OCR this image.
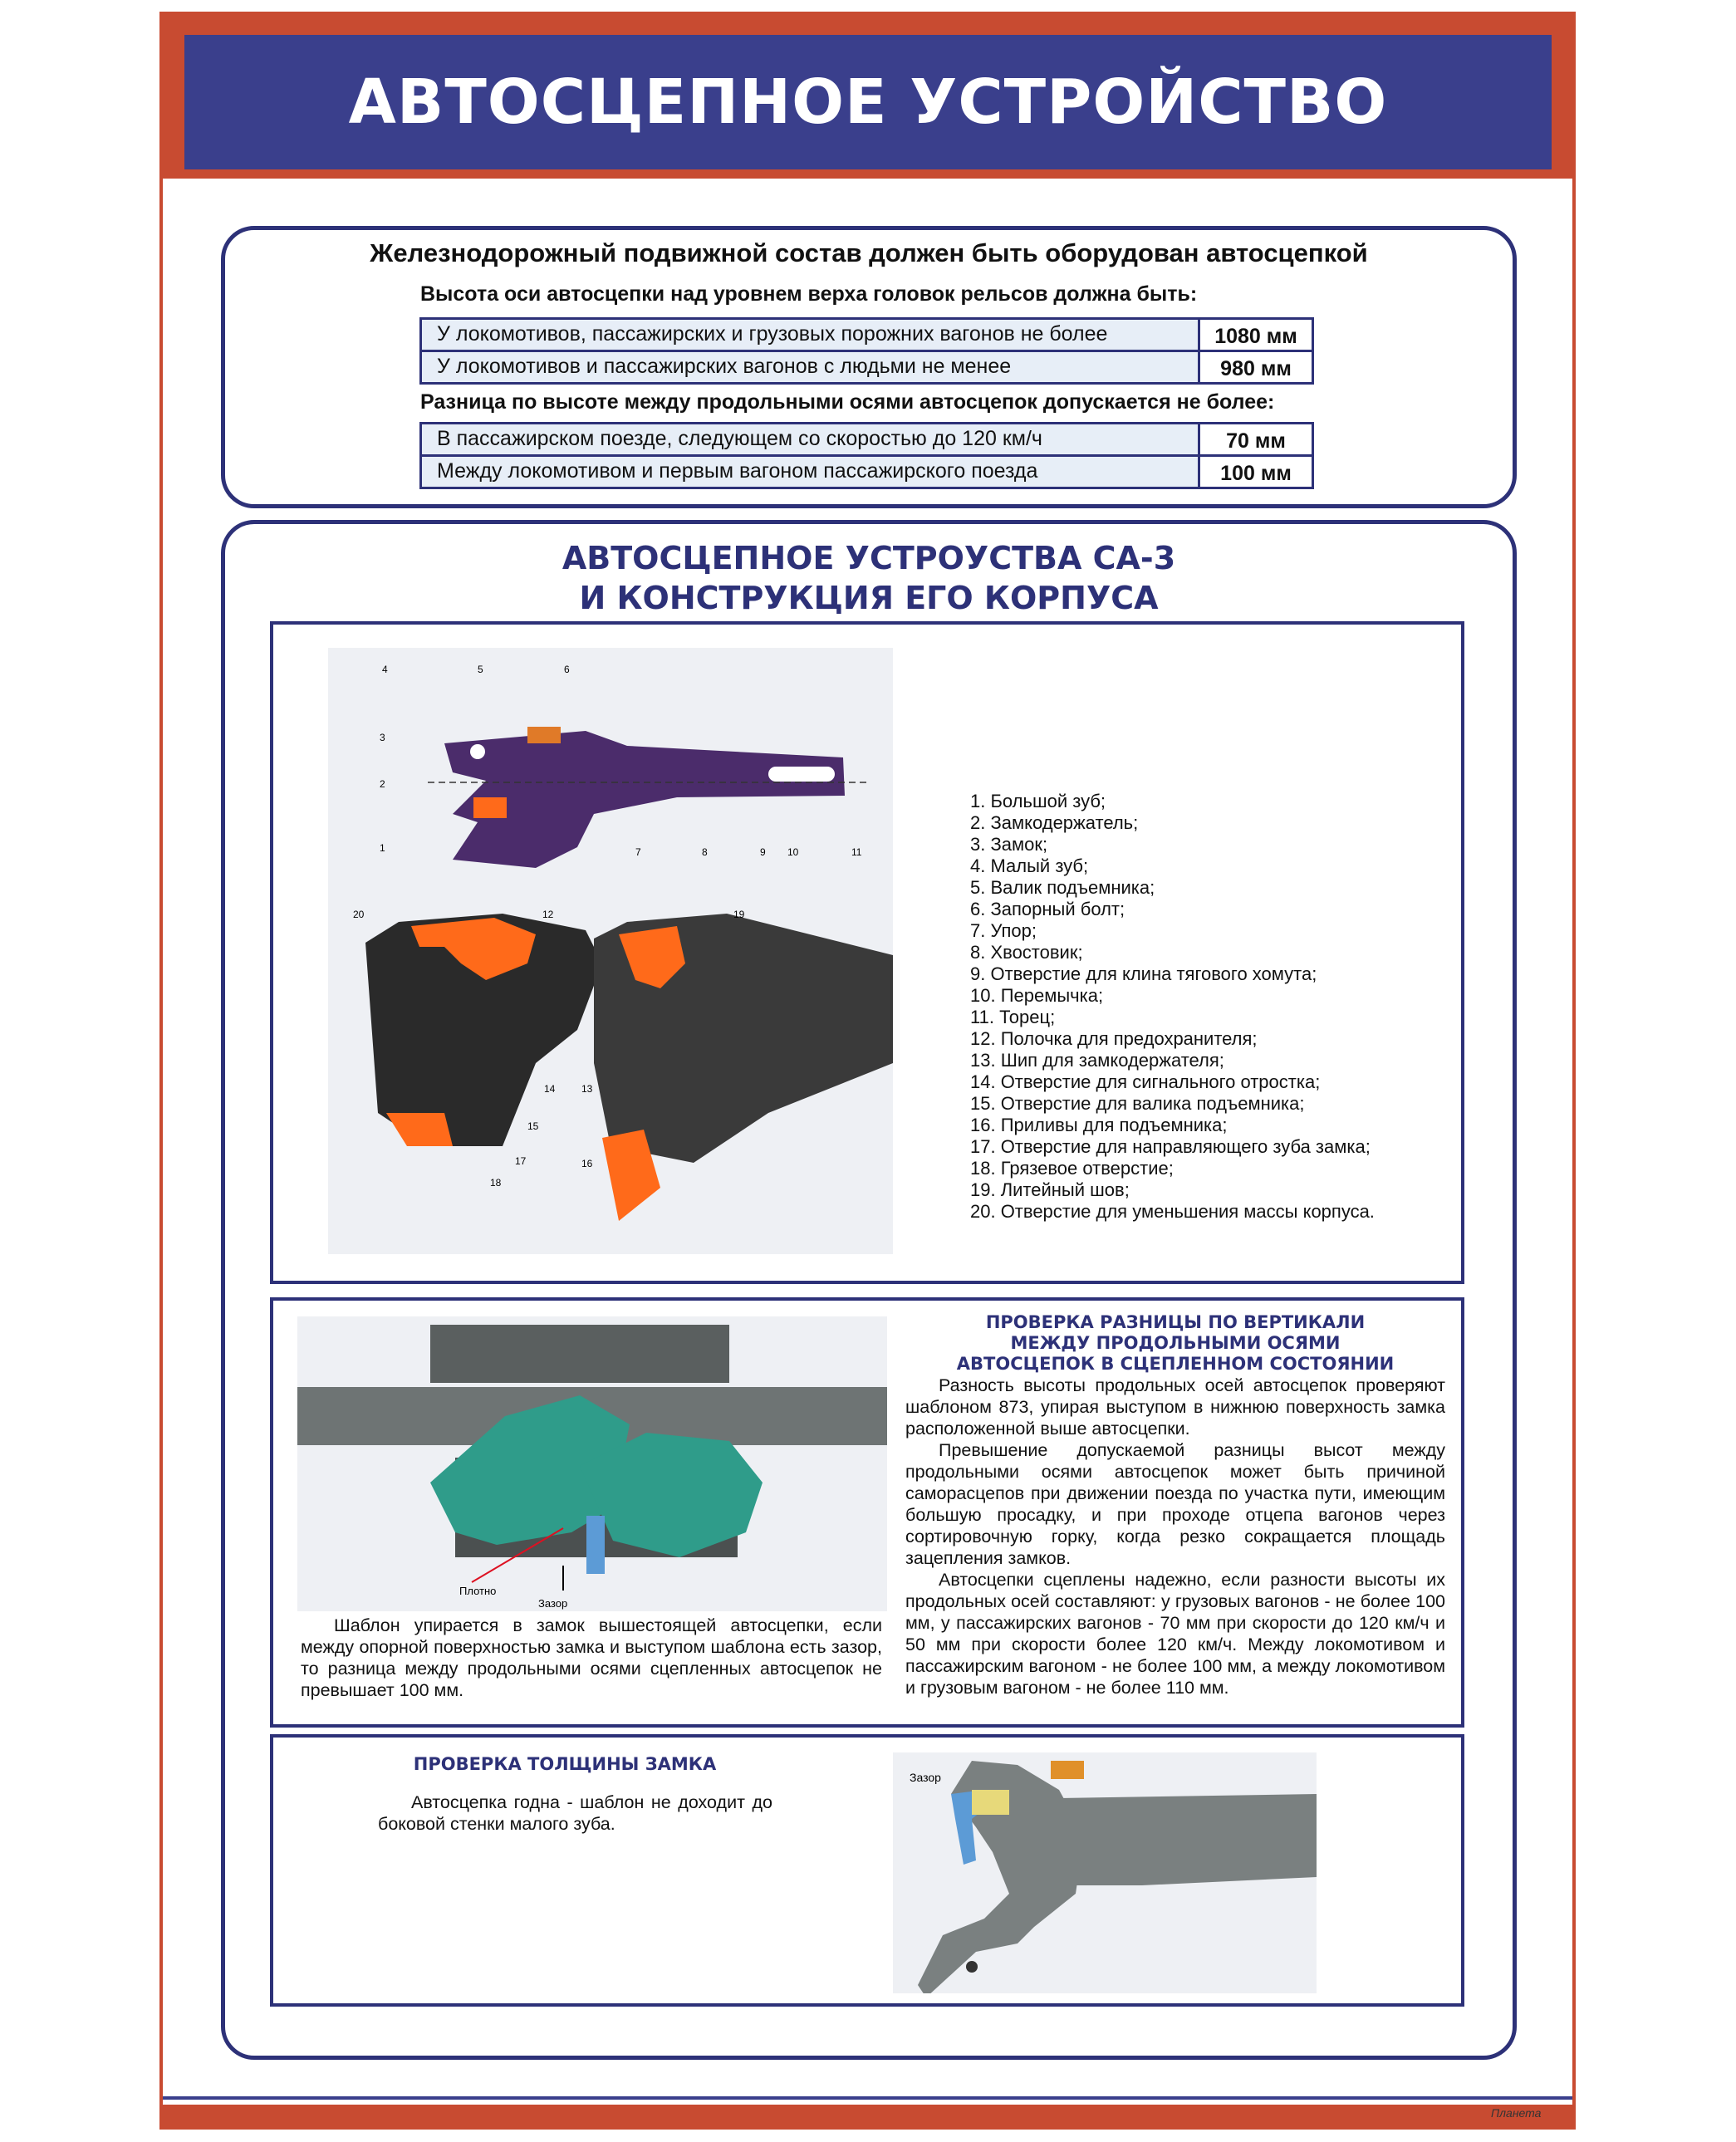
АВТОСЦЕПНОЕ УСТРОЙСТВО
Железнодорожный подвижной состав должен быть оборудован автосцепкой
Высота оси автосцепки над уровнем верха головок рельсов должна быть:
У локомотивов, пассажирских и грузовых порожних вагонов не более	1080 мм
У локомотивов и пассажирских вагонов с людьми не менее	980 мм
Разница по высоте между продольными осями автосцепок допускается не более:
В пассажирском поезде, следующем со скоростью до 120 км/ч	70 мм
Между локомотивом и первым вагоном пассажирского поезда	100 мм
АВТОСЦЕПНОЕ УСТРОУСТВА СА-3
И КОНСТРУКЦИЯ ЕГО КОРПУСА
4	5	6
3
2
1	7	8	9 10	11
20	12	19
14	13
15
16
17
18
1. Большой зуб;
2. Замкодержатель;
3. Замок;
4. Малый зуб;
5. Валик подъемника;
6. Запорный болт;
7. Упор;
8. Хвостовик;
9. Отверстие для клина тягового хомута;
10. Перемычка;
11. Торец;
12. Полочка для предохранителя;
13. Шип для замкодержателя;
14. Отверстие для сигнального отростка;
15. Отверстие для валика подъемника;
16. Приливы для подъемника;
17. Отверстие для направляющего зуба замка;
18. Грязевое отверстие;
19. Литейный шов;
20. Отверстие для уменьшения массы корпуса.
Плотно
Зазор
Шаблон упирается в замок вышестоящей автосцепки, если между опорной поверхностью замка и выступом шаблона есть зазор, то разница между продольными осями сцепленных автосцепок не превышает 100 мм.
ПРОВЕРКА РАЗНИЦЫ ПО ВЕРТИКАЛИ
МЕЖДУ ПРОДОЛЬНЫМИ ОСЯМИ
АВТОСЦЕПОК В СЦЕПЛЕННОМ СОСТОЯНИИ

Разность высоты продольных осей автосцепок проверяют шаблоном 873, упирая выступом в нижнюю поверхность замка расположенной выше автосцепки.

Превышение допускаемой разницы высот между продольными осями автосцепок может быть причиной саморасцепов при движении поезда по участка пути, имеющим большую просадку, и при проходе отцепа вагонов через сортировочную горку, когда резко сокращается площадь зацепления замков.

Автосцепки сцеплены надежно, если разности высоты их продольных осей составляют: у грузовых вагонов - не более 100 мм, у пассажирских вагонов - 70 мм при скорости до 120 км/ч и 50 мм при скорости более 120 км/ч. Между локомотивом и пассажирским вагоном - не более 100 мм, а между локомотивом и грузовым вагоном - не более 110 мм.

ПРОВЕРКА ТОЛЩИНЫ ЗАМКА
Автосцепка годна - шаблон не доходит до боковой стенки малого зуба.
Зазор
Планета
